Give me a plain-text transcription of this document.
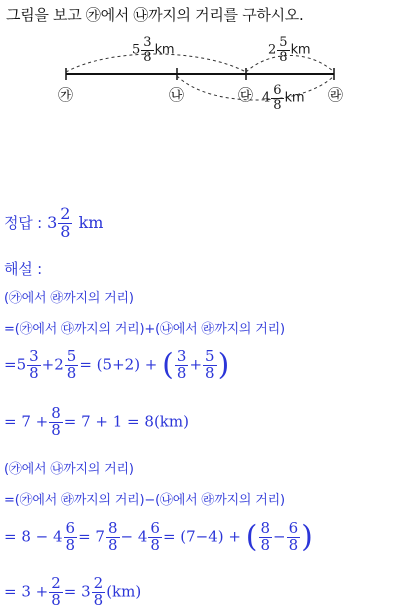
그림을 보고 ㉮에서 ㉯까지의 거리를 구하시오.
$5 \frac{3}{8}$ km	$2 \frac{5}{8}$ km
$4 \frac{6}{8}$ km
㉮	㉯	㉰	㉱
정답 : $3 \frac{2}{8}$ km
해설 :
(㉮에서 ㉱까지의 거리)
=(㉮에서 ㉰까지의 거리)+(㉯에서 ㉱까지의 거리)
$=5 \frac{3}{8} +2 \frac{5}{8} = (5+2)$ + ( $\frac{3}{8} + \frac{5}{8}$ )
= $7 + \frac{8}{8} = 7 + 1 = 8(km)$
(㉮에서 ㉯까지의 거리)
=(㉮에서 ㉱까지의 거리)−(㉯에서 ㉱까지의 거리)
= $8 - 4 \frac{6}{8} = 7 \frac{8}{8} - 4 \frac{6}{8} = (7-4)$ + ( $\frac{8}{8} - \frac{6}{8}$ )
= $3 + \frac{2}{8} = 3 \frac{2}{8} (km)$
